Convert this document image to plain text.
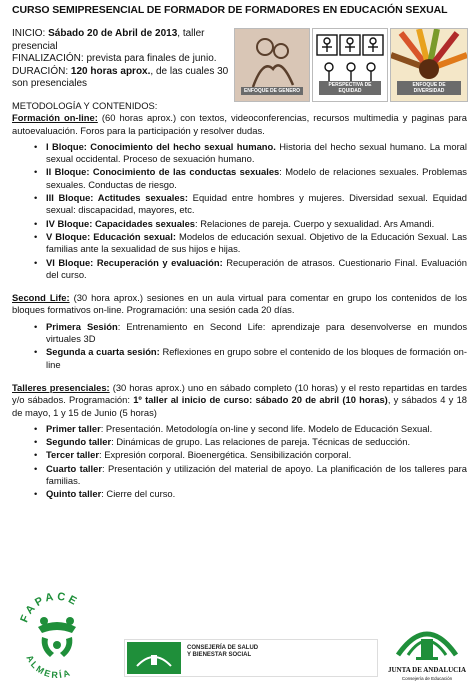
CURSO SEMIPRESENCIAL DE FORMADOR DE FORMADORES EN EDUCACIÓN SEXUAL
INICIO: Sábado 20 de Abril de 2013, taller presencial
FINALIZACIÓN: prevista para finales de junio.
DURACIÓN: 120 horas aprox., de las cuales 30 son presenciales
ENFOQUE DE GENERO
PERSPECTIVA DE EQUIDAD
ENFOQUE DE DIVERSIDAD

METODOLOGÍA Y CONTENIDOS:

Formación on-line: (60 horas aprox.) con textos, videoconferencias, recursos multimedia y paginas para autoevaluación. Foros para la participación y resolver dudas.

• I Bloque: Conocimiento del hecho sexual humano. Historia del hecho sexual humano. La moral sexual occidental. Proceso de sexuación humano.
• II Bloque: Conocimiento de las conductas sexuales: Modelo de relaciones sexuales. Problemas sexuales. Conductas de riesgo.
• III Bloque: Actitudes sexuales: Equidad entre hombres y mujeres. Diversidad sexual. Equidad sexual: discapacidad, mayores, etc.
• IV Bloque: Capacidades sexuales: Relaciones de pareja. Cuerpo y sexualidad. Ars Amandi.
• V Bloque: Educación sexual: Modelos de educación sexual. Objetivo de la Educación Sexual. Las familias ante la sexualidad de sus hijos e hijas.
• VI Bloque: Recuperación y evaluación: Recuperación de atrasos. Cuestionario Final. Evaluación del curso.

Second Life: (30 hora aprox.) sesiones en un aula virtual para comentar en grupo los contenidos de los bloques formativos on-line. Programación: una sesión cada 20 días.

• Primera Sesión: Entrenamiento en Second Life: aprendizaje para desenvolverse en mundos virtuales 3D
• Segunda a cuarta sesión: Reflexiones en grupo sobre el contenido de los bloques de formación on-line

Talleres presenciales: (30 horas aprox.) uno en sábado completo (10 horas) y el resto repartidas en tardes y/o sábados. Programación: 1º taller al inicio de curso: sábado 20 de abril (10 horas), y sábados 4 y 18 de mayo, 1 y 15 de Junio (5 horas)

• Primer taller: Presentación. Metodología on-line y second life. Modelo de Educación Sexual.
• Segundo taller: Dinámicas de grupo. Las relaciones de pareja. Técnicas de seducción.
• Tercer taller: Expresión corporal. Bioenergética. Sensibilización corporal.
• Cuarto taller: Presentación y utilización del material de apoyo. La planificación de los talleres para familias.
• Quinto taller: Cierre del curso.
FAPACE
ALMERÍA
CONSEJERÍA DE SALUD
Y BIENESTAR SOCIAL
JUNTA DE ANDALUCIA
Consejería de Educación
